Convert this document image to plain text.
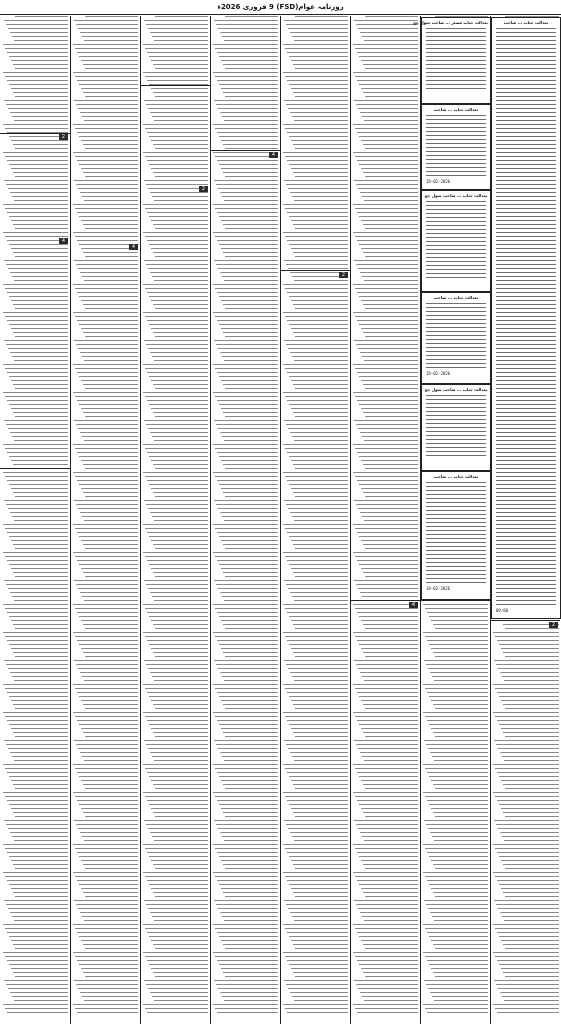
روزنامہ عوام(FSD) 9 فروری 2026ء
بعدالت جناب مسٹر ... صاحب سول جج
بعدالت جناب ... صاحب
19-02-2026
بعدالت جناب ... صاحب سول جج
بعدالت جناب ... صاحب
19-02-2026
بعدالت جناب ... صاحب سول جج
بعدالت جناب ... صاحب
19-02-2026
بعدالت جناب ... صاحب
09:00
2
4
4
2
4
2
4
2
